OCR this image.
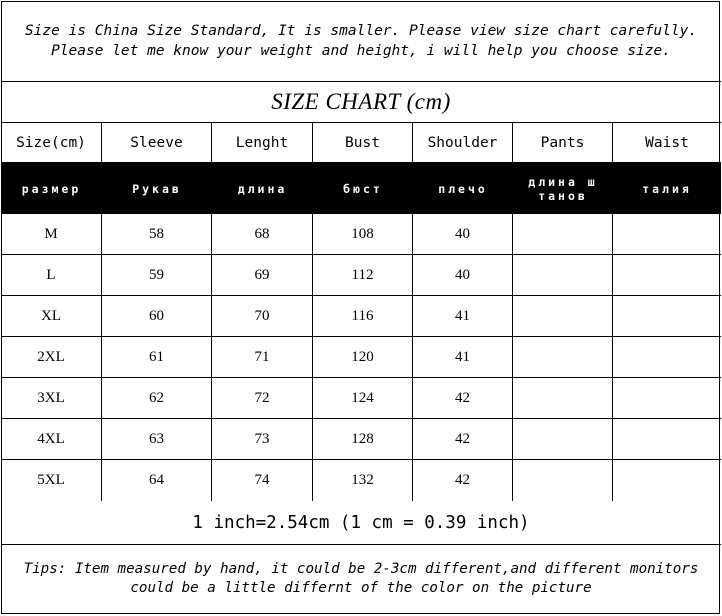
Size is China Size Standard, It is smaller. Please view size chart carefully.
Please let me know your weight and height, i will help you choose size.
SIZE CHART (cm)
Size(cm)	Sleeve	Lenght	Bust	Shoulder	Pants	Waist
размер	Рукав	длина	бюст	плечо	длина ш танов	талия
M	58	68	108	40
L	59	69	112	40
XL	60	70	116	41
2XL	61	71	120	41
3XL	62	72	124	42
4XL	63	73	128	42
5XL	64	74	132	42
1 inch=2.54cm (1 cm = 0.39 inch)
Tips: Item measured by hand, it could be 2-3cm different,and different monitors
could be a little differnt of the color on the picture
